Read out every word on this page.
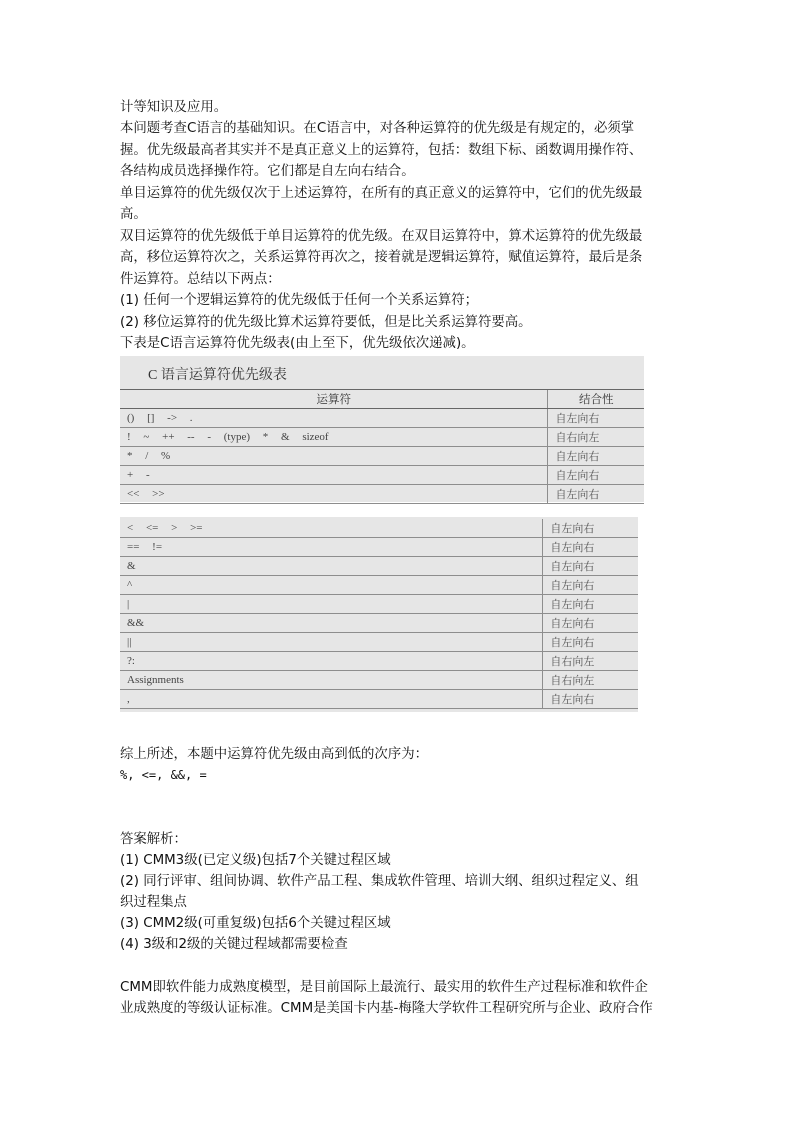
计等知识及应用。
本问题考查C语言的基础知识。在C语言中，对各种运算符的优先级是有规定的，必须掌
握。优先级最高者其实并不是真正意义上的运算符，包括：数组下标、函数调用操作符、
各结构成员选择操作符。它们都是自左向右结合。
单目运算符的优先级仅次于上述运算符，在所有的真正意义的运算符中，它们的优先级最
高。
双目运算符的优先级低于单目运算符的优先级。在双目运算符中，算术运算符的优先级最
高，移位运算符次之，关系运算符再次之，接着就是逻辑运算符，赋值运算符，最后是条
件运算符。总结以下两点：
(1) 任何一个逻辑运算符的优先级低于任何一个关系运算符；
(2) 移位运算符的优先级比算术运算符要低，但是比关系运算符要高。
下表是C语言运算符优先级表(由上至下，优先级依次递减)。
C 语言运算符优先级表
运算符	结合性
() [] -> .	自左向右
! ~ ++ -- - (type) * & sizeof	自右向左
* / %	自左向右
+ -	自左向右
<< >>	自左向右
< <= > >=	自左向右
== !=	自左向右
&	自左向右
^	自左向右
|	自左向右
&&	自左向右
||	自左向右
?:	自右向左
Assignments	自右向左
,	自左向右
综上所述，本题中运算符优先级由高到低的次序为：
%, <=, &&, =
答案解析：
(1) CMM3级(已定义级)包括7个关键过程区域
(2) 同行评审、组间协调、软件产品工程、集成软件管理、培训大纲、组织过程定义、组
织过程集点
(3) CMM2级(可重复级)包括6个关键过程区域
(4) 3级和2级的关键过程域都需要检查
CMM即软件能力成熟度模型，是目前国际上最流行、最实用的软件生产过程标准和软件企
业成熟度的等级认证标准。CMM是美国卡内基-梅隆大学软件工程研究所与企业、政府合作
